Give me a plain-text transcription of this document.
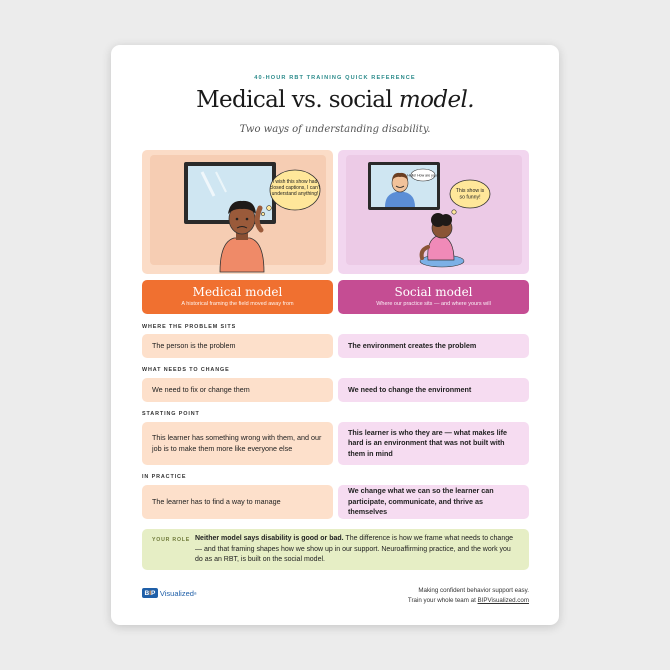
40-HOUR RBT TRAINING QUICK REFERENCE
Medical vs. social model.
Two ways of understanding disability.
I wish this show had closed captions, I can't understand anything!
Hello! How are you?
This show is so funny!
Medical model
A historical framing the field moved away from
Social model
Where our practice sits — and where yours will
WHERE THE PROBLEM SITS
The person is the problem	The environment creates the problem
WHAT NEEDS TO CHANGE
We need to fix or change them	We need to change the environment
STARTING POINT
This learner has something wrong with them, and our job is to make them more like everyone else
This learner is who they are — what makes life hard is an environment that was not built with them in mind
IN PRACTICE
The learner has to find a way to manage
We change what we can so the learner can participate, communicate, and thrive as themselves
YOUR ROLE Neither model says disability is good or bad. The difference is how we frame what needs to change — and that framing shapes how we show up in our support. Neuroaffirming practice, and the work you do as an RBT, is built on the social model.
BIP Visualized ®	Making confident behavior support easy.
Train your whole team at BIPVisualized.com
